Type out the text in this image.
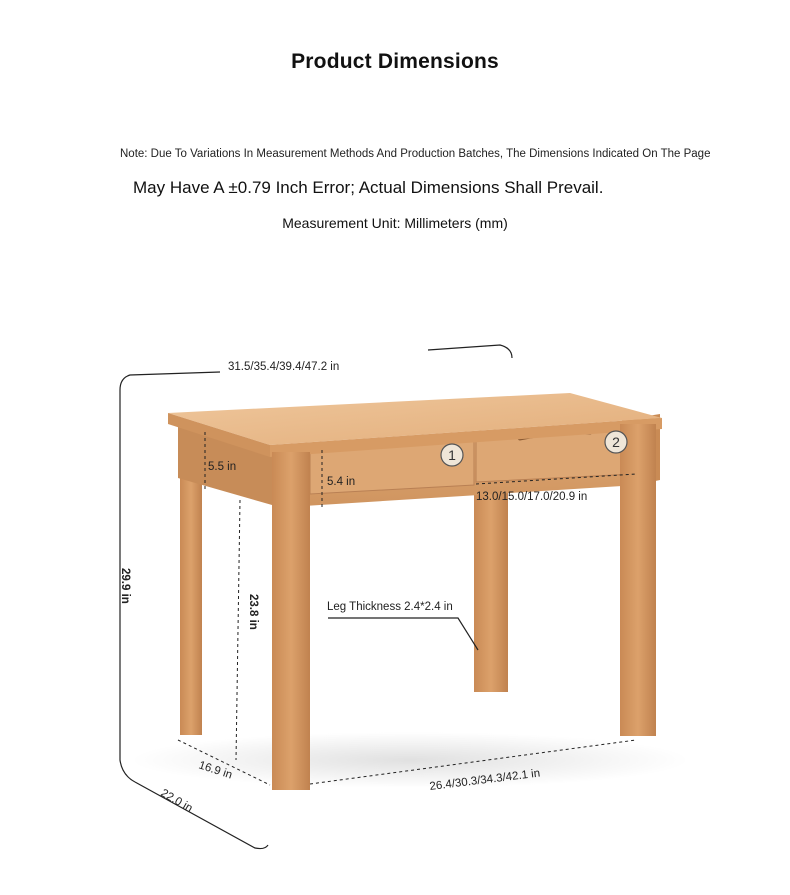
Product Dimensions
Note: Due To Variations In Measurement Methods And Production Batches, The Dimensions Indicated On The Page
May Have A ±0.79 Inch Error; Actual Dimensions Shall Prevail.
Measurement Unit: Millimeters (mm)
1
2
31.5/35.4/39.4/47.2 in
29.9 in
5.5 in
5.4 in
13.0/15.0/17.0/20.9 in
23.8 in	Leg Thickness 2.4*2.4 in
16.9 in
22.0 in
26.4/30.3/34.3/42.1 in
